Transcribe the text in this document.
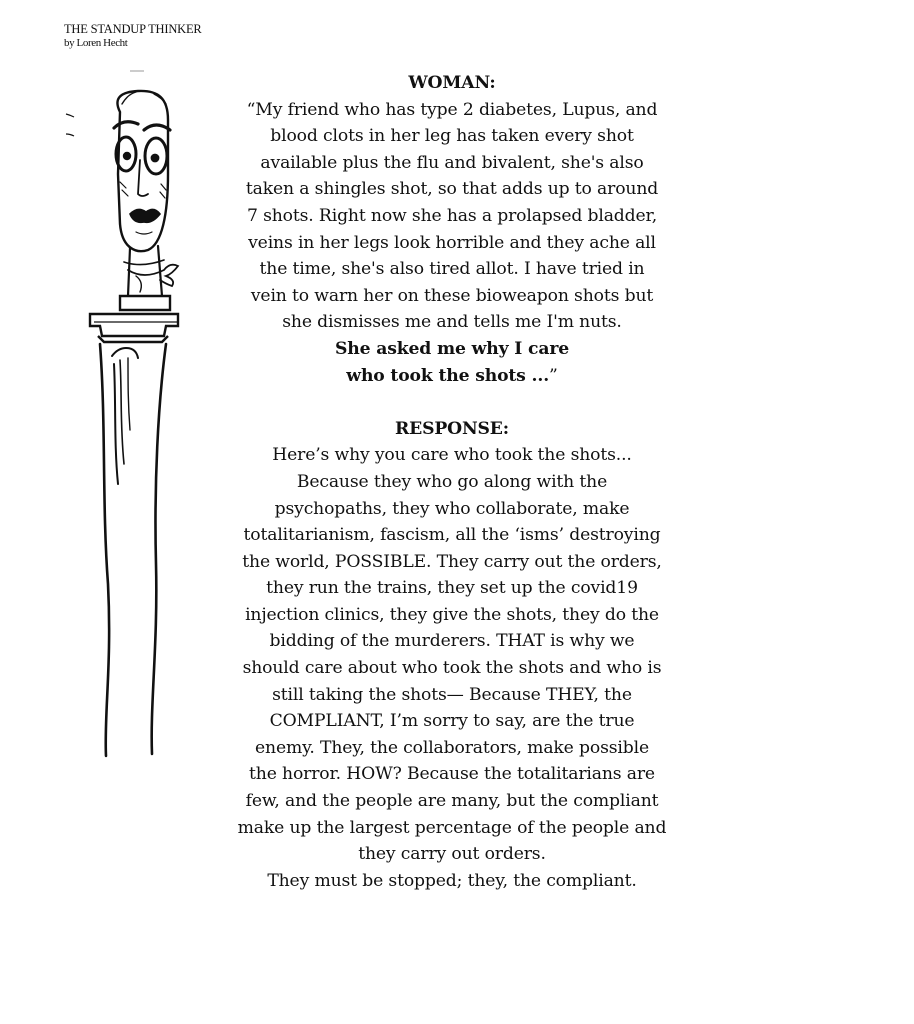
THE STANDUP THINKER
by Loren Hecht
WOMAN:

“My friend who has type 2 diabetes, Lupus, and

blood clots in her leg has taken every shot

available plus the flu and bivalent, she's also

taken a shingles shot, so that adds up to around

7 shots. Right now she has a prolapsed bladder,

veins in her legs look horrible and they ache all

the time, she's also tired allot. I have tried in

vein to warn her on these bioweapon shots but

she dismisses me and tells me I'm nuts.

She asked me why I care

who took the shots ...”

RESPONSE:

Here’s why you care who took the shots...

Because they who go along with the

psychopaths, they who collaborate, make

totalitarianism, fascism, all the ‘isms’ destroying

the world, POSSIBLE. They carry out the orders,

they run the trains, they set up the covid19

injection clinics, they give the shots, they do the

bidding of the murderers. THAT is why we

should care about who took the shots and who is

still taking the shots— Because THEY, the

COMPLIANT, I’m sorry to say, are the true

enemy. They, the collaborators, make possible

the horror. HOW? Because the totalitarians are

few, and the people are many, but the compliant

make up the largest percentage of the people and

they carry out orders.

They must be stopped; they, the compliant.
